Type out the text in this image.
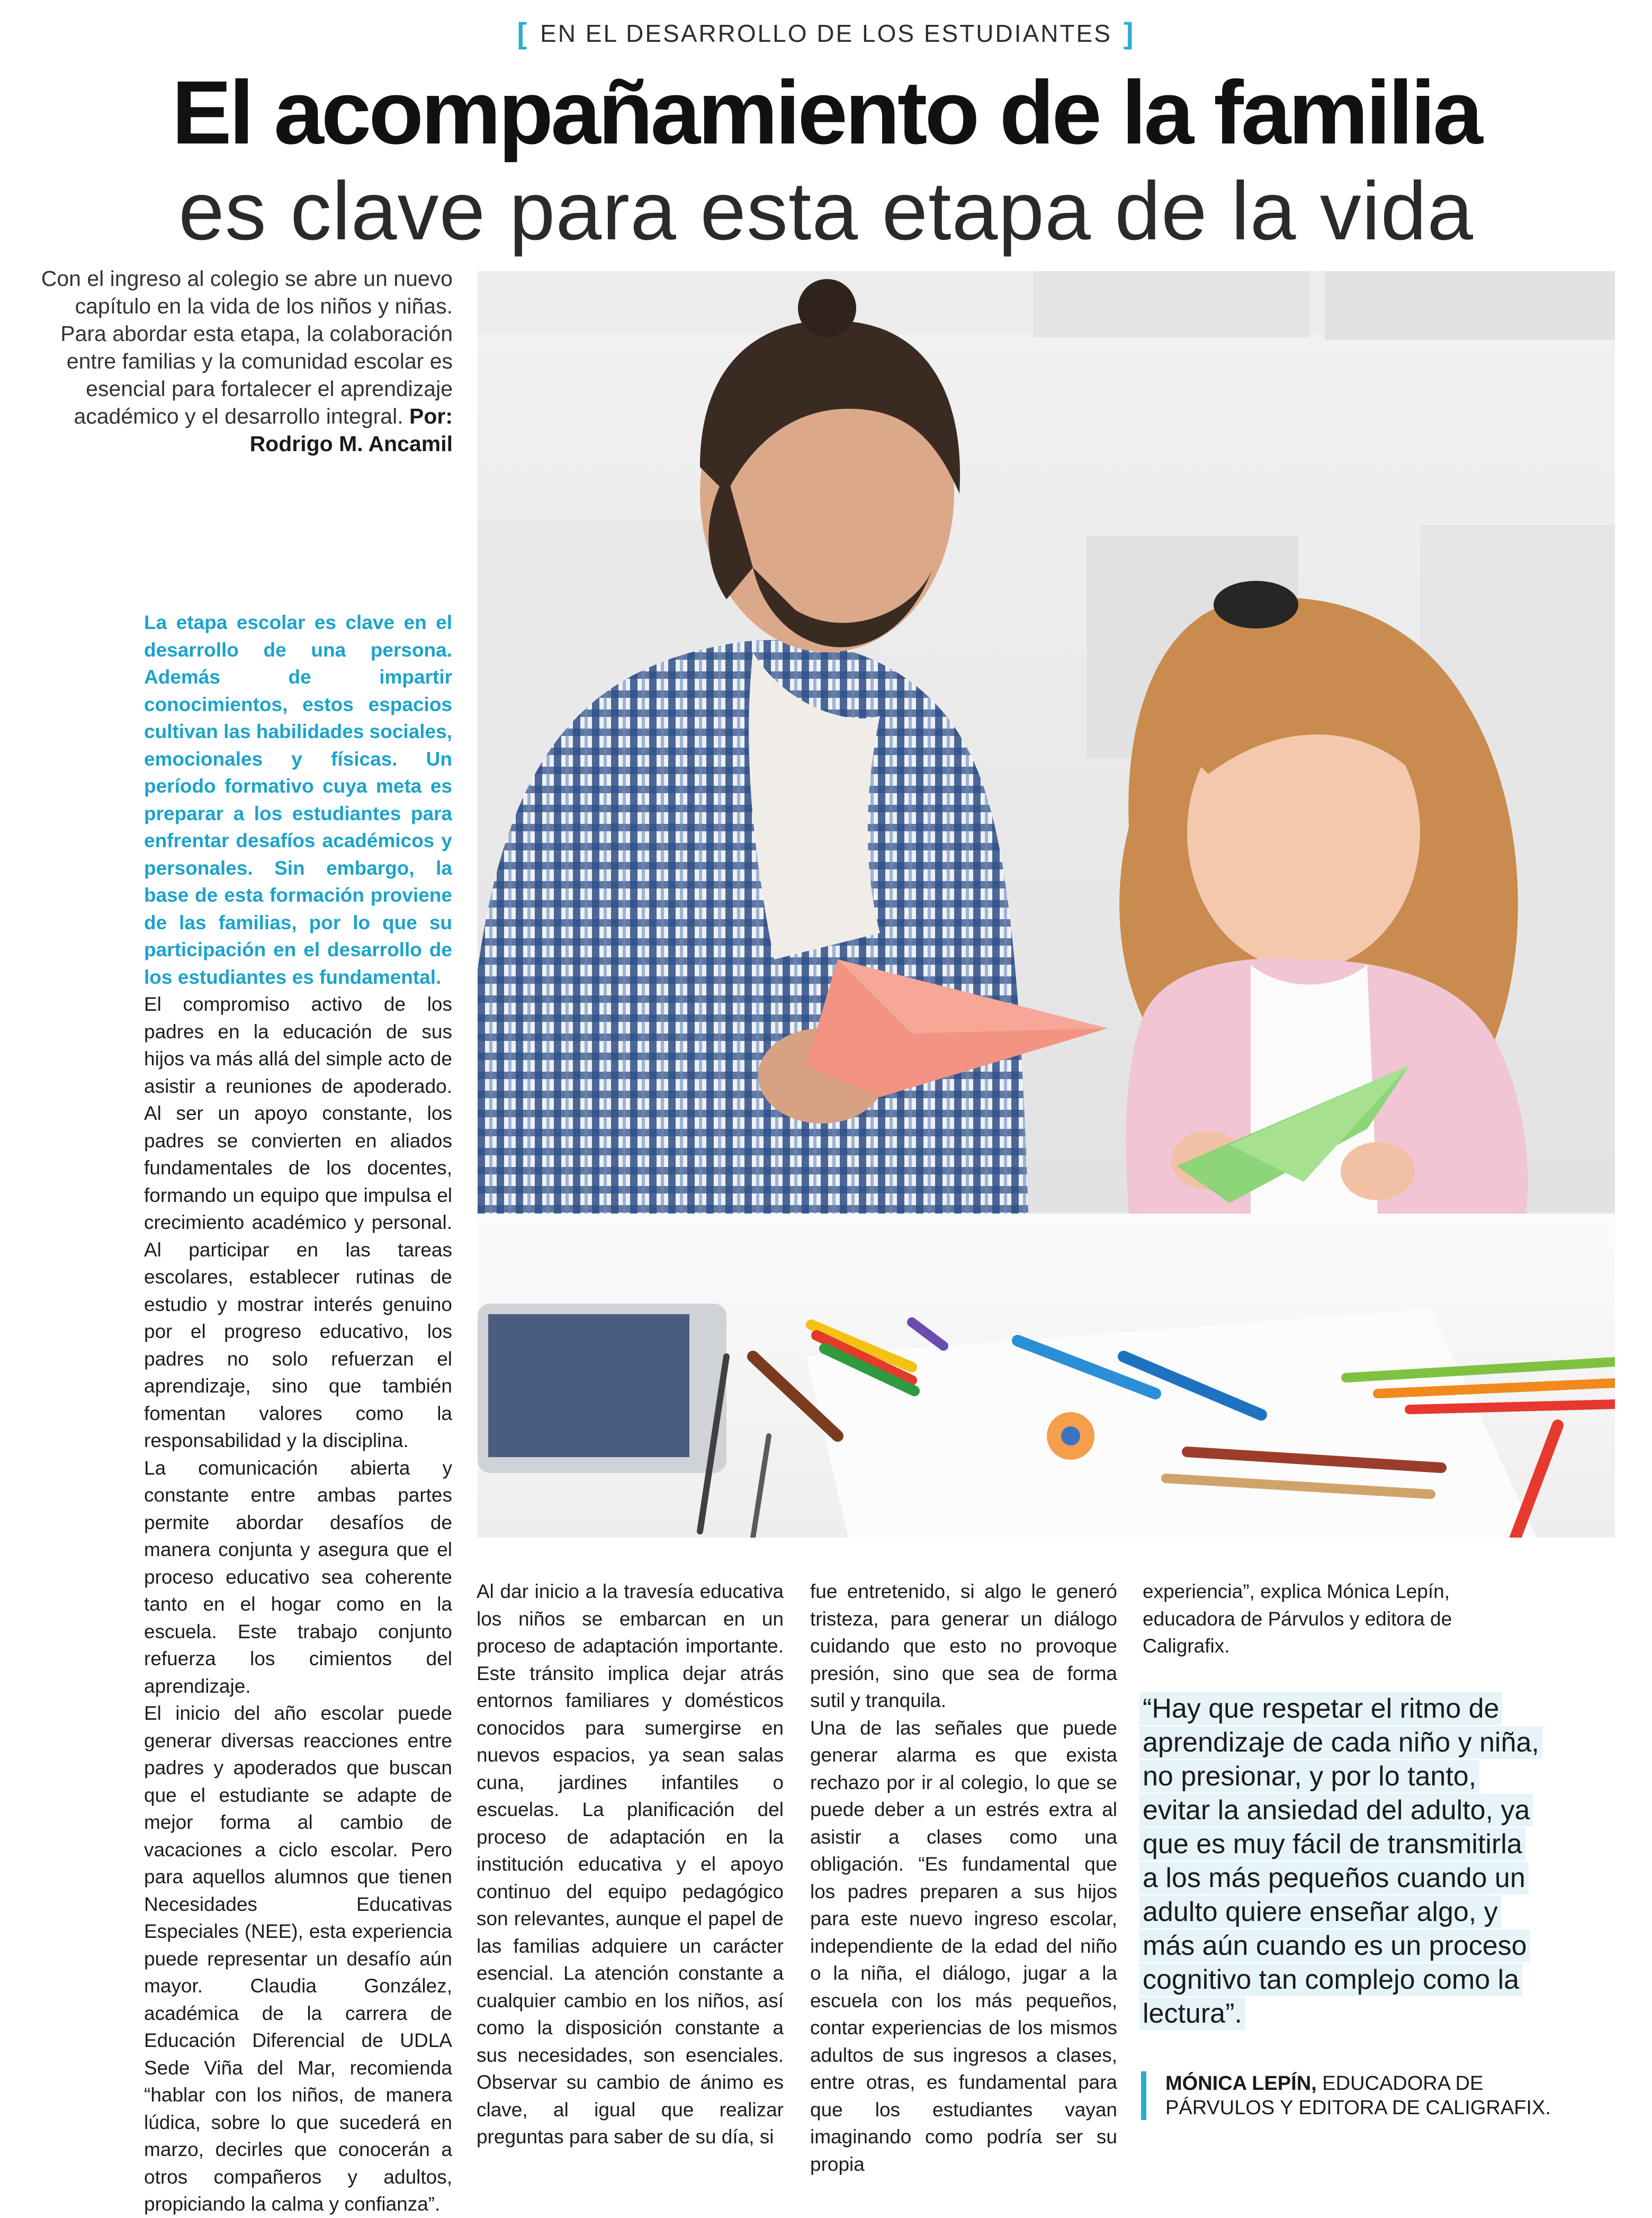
[ EN EL DESARROLLO DE LOS ESTUDIANTES ]
El acompañamiento de la familia
es clave para esta etapa de la vida
Con el ingreso al colegio se abre un nuevo capítulo en la vida de los niños y niñas. Para abordar esta etapa, la colaboración entre familias y la comunidad escolar es esencial para fortalecer el aprendizaje académico y el desarrollo integral. Por: Rodrigo M. Ancamil

La etapa escolar es clave en el desarrollo de una persona. Además de impartir conocimientos, estos espacios cultivan las habilidades sociales, emocionales y físicas. Un período formativo cuya meta es preparar a los estudiantes para enfrentar desafíos académicos y personales. Sin embargo, la base de esta formación proviene de las familias, por lo que su participación en el desarrollo de los estudiantes es fundamental.

El compromiso activo de los padres en la educación de sus hijos va más allá del simple acto de asistir a reuniones de apoderado. Al ser un apoyo constante, los padres se convierten en aliados fundamentales de los docentes, formando un equipo que impulsa el crecimiento académico y personal. Al participar en las tareas escolares, establecer rutinas de estudio y mostrar interés genuino por el progreso educativo, los padres no solo refuerzan el aprendizaje, sino que también fomentan valores como la responsabilidad y la disciplina.

La comunicación abierta y constante entre ambas partes permite abordar desafíos de manera conjunta y asegura que el proceso educativo sea coherente tanto en el hogar como en la escuela. Este trabajo conjunto refuerza los cimientos del aprendizaje.

El inicio del año escolar puede generar diversas reacciones entre padres y apoderados que buscan que el estudiante se adapte de mejor forma al cambio de vacaciones a ciclo escolar. Pero para aquellos alumnos que tienen Necesidades Educativas Especiales (NEE), esta experiencia puede representar un desafío aún mayor. Claudia González, académica de la carrera de Educación Diferencial de UDLA Sede Viña del Mar, recomienda “hablar con los niños, de manera lúdica, sobre lo que sucederá en marzo, decirles que conocerán a otros compañeros y adultos, propiciando la calma y confianza”.

Al dar inicio a la travesía educativa los niños se embarcan en un proceso de adaptación importante. Este tránsito implica dejar atrás entornos familiares y domésticos conocidos para sumergirse en nuevos espacios, ya sean salas cuna, jardines infantiles o escuelas. La planificación del proceso de adaptación en la institución educativa y el apoyo continuo del equipo pedagógico son relevantes, aunque el papel de las familias adquiere un carácter esencial. La atención constante a cualquier cambio en los niños, así como la disposición constante a sus necesidades, son esenciales. Observar su cambio de ánimo es clave, al igual que realizar preguntas para saber de su día, si

fue entretenido, si algo le generó tristeza, para generar un diálogo cuidando que esto no provoque presión, sino que sea de forma sutil y tranquila.

Una de las señales que puede generar alarma es que exista rechazo por ir al colegio, lo que se puede deber a un estrés extra al asistir a clases como una obligación. “Es fundamental que los padres preparen a sus hijos para este nuevo ingreso escolar, independiente de la edad del niño o la niña, el diálogo, jugar a la escuela con los más pequeños, contar experiencias de los mismos adultos de sus ingresos a clases, entre otras, es fundamental para que los estudiantes vayan imaginando como podría ser su propia

experiencia”, explica Mónica Lepín, educadora de Párvulos y editora de Caligrafix.

“Hay que respetar el ritmo de aprendizaje de cada niño y niña, no presionar, y por lo tanto, evitar la ansiedad del adulto, ya que es muy fácil de transmitirla a los más pequeños cuando un adulto quiere enseñar algo, y más aún cuando es un proceso cognitivo tan complejo como la lectura”.
MÓNICA LEPÍN, EDUCADORA DE PÁRVULOS Y EDITORA DE CALIGRAFIX.
